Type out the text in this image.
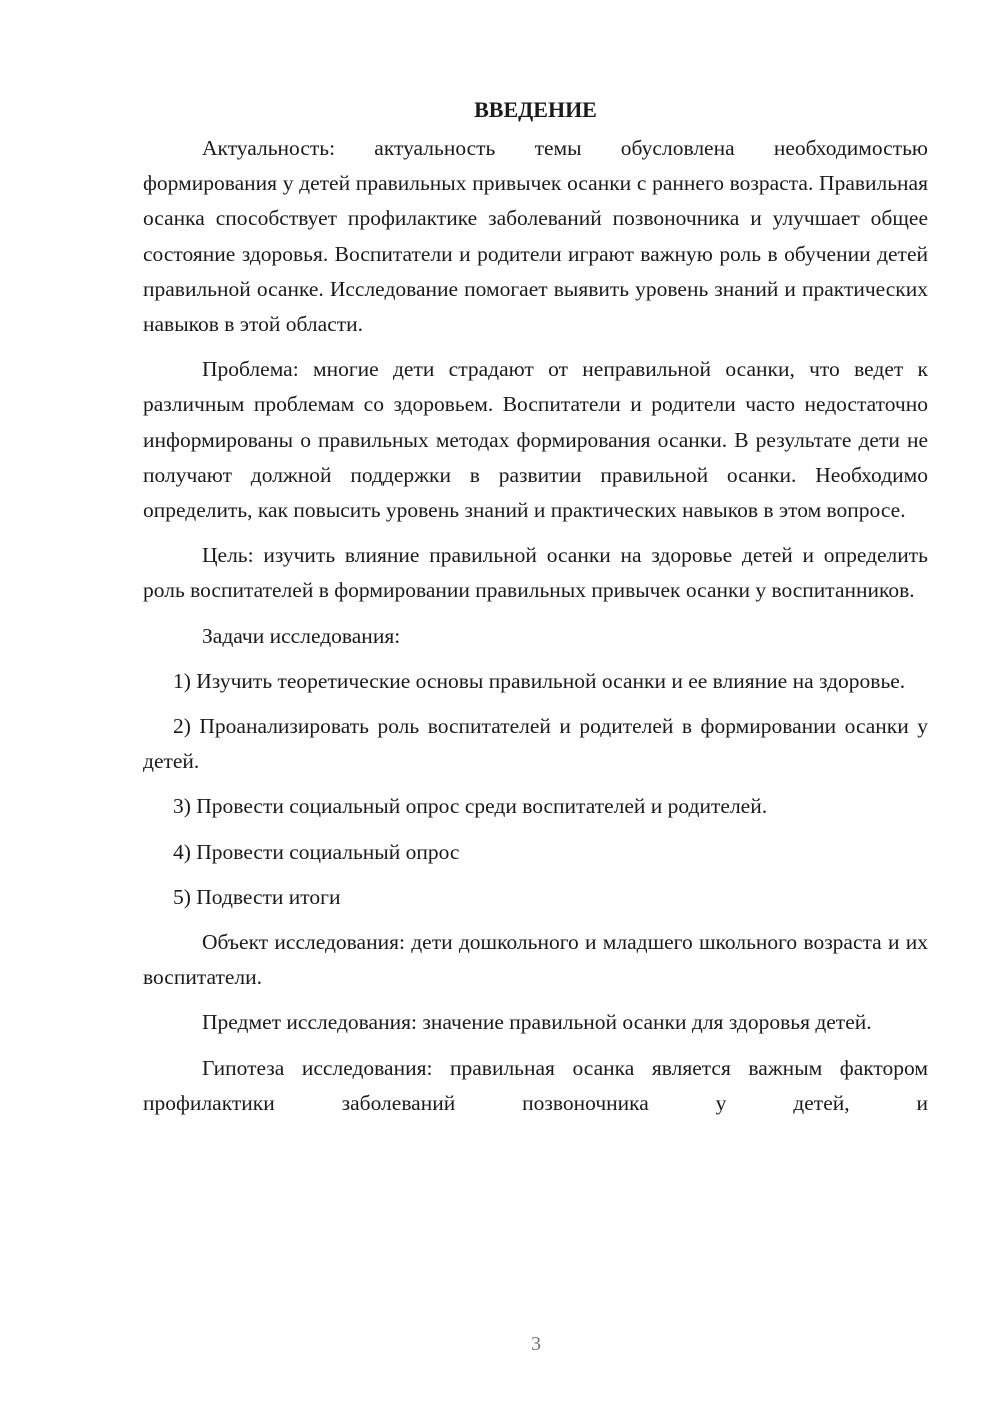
ВВЕДЕНИЕ

Актуальность: актуальность темы обусловлена необходимостью формирования у детей правильных привычек осанки с раннего возраста. Правильная осанка способствует профилактике заболеваний позвоночника и улучшает общее состояние здоровья. Воспитатели и родители играют важную роль в обучении детей правильной осанке. Исследование помогает выявить уровень знаний и практических навыков в этой области.

Проблема: многие дети страдают от неправильной осанки, что ведет к различным проблемам со здоровьем. Воспитатели и родители часто недостаточно информированы о правильных методах формирования осанки. В результате дети не получают должной поддержки в развитии правильной осанки. Необходимо определить, как повысить уровень знаний и практических навыков в этом вопросе.

Цель: изучить влияние правильной осанки на здоровье детей и определить роль воспитателей в формировании правильных привычек осанки у воспитанников.

Задачи исследования:

1) Изучить теоретические основы правильной осанки и ее влияние на здоровье.

2) Проанализировать роль воспитателей и родителей в формировании осанки у детей.

3) Провести социальный опрос среди воспитателей и родителей.

4) Провести социальный опрос

5) Подвести итоги

Объект исследования: дети дошкольного и младшего школьного возраста и их воспитатели.

Предмет исследования: значение правильной осанки для здоровья детей.

Гипотеза исследования: правильная осанка является важным фактором профилактики заболеваний позвоночника у детей, и

3
